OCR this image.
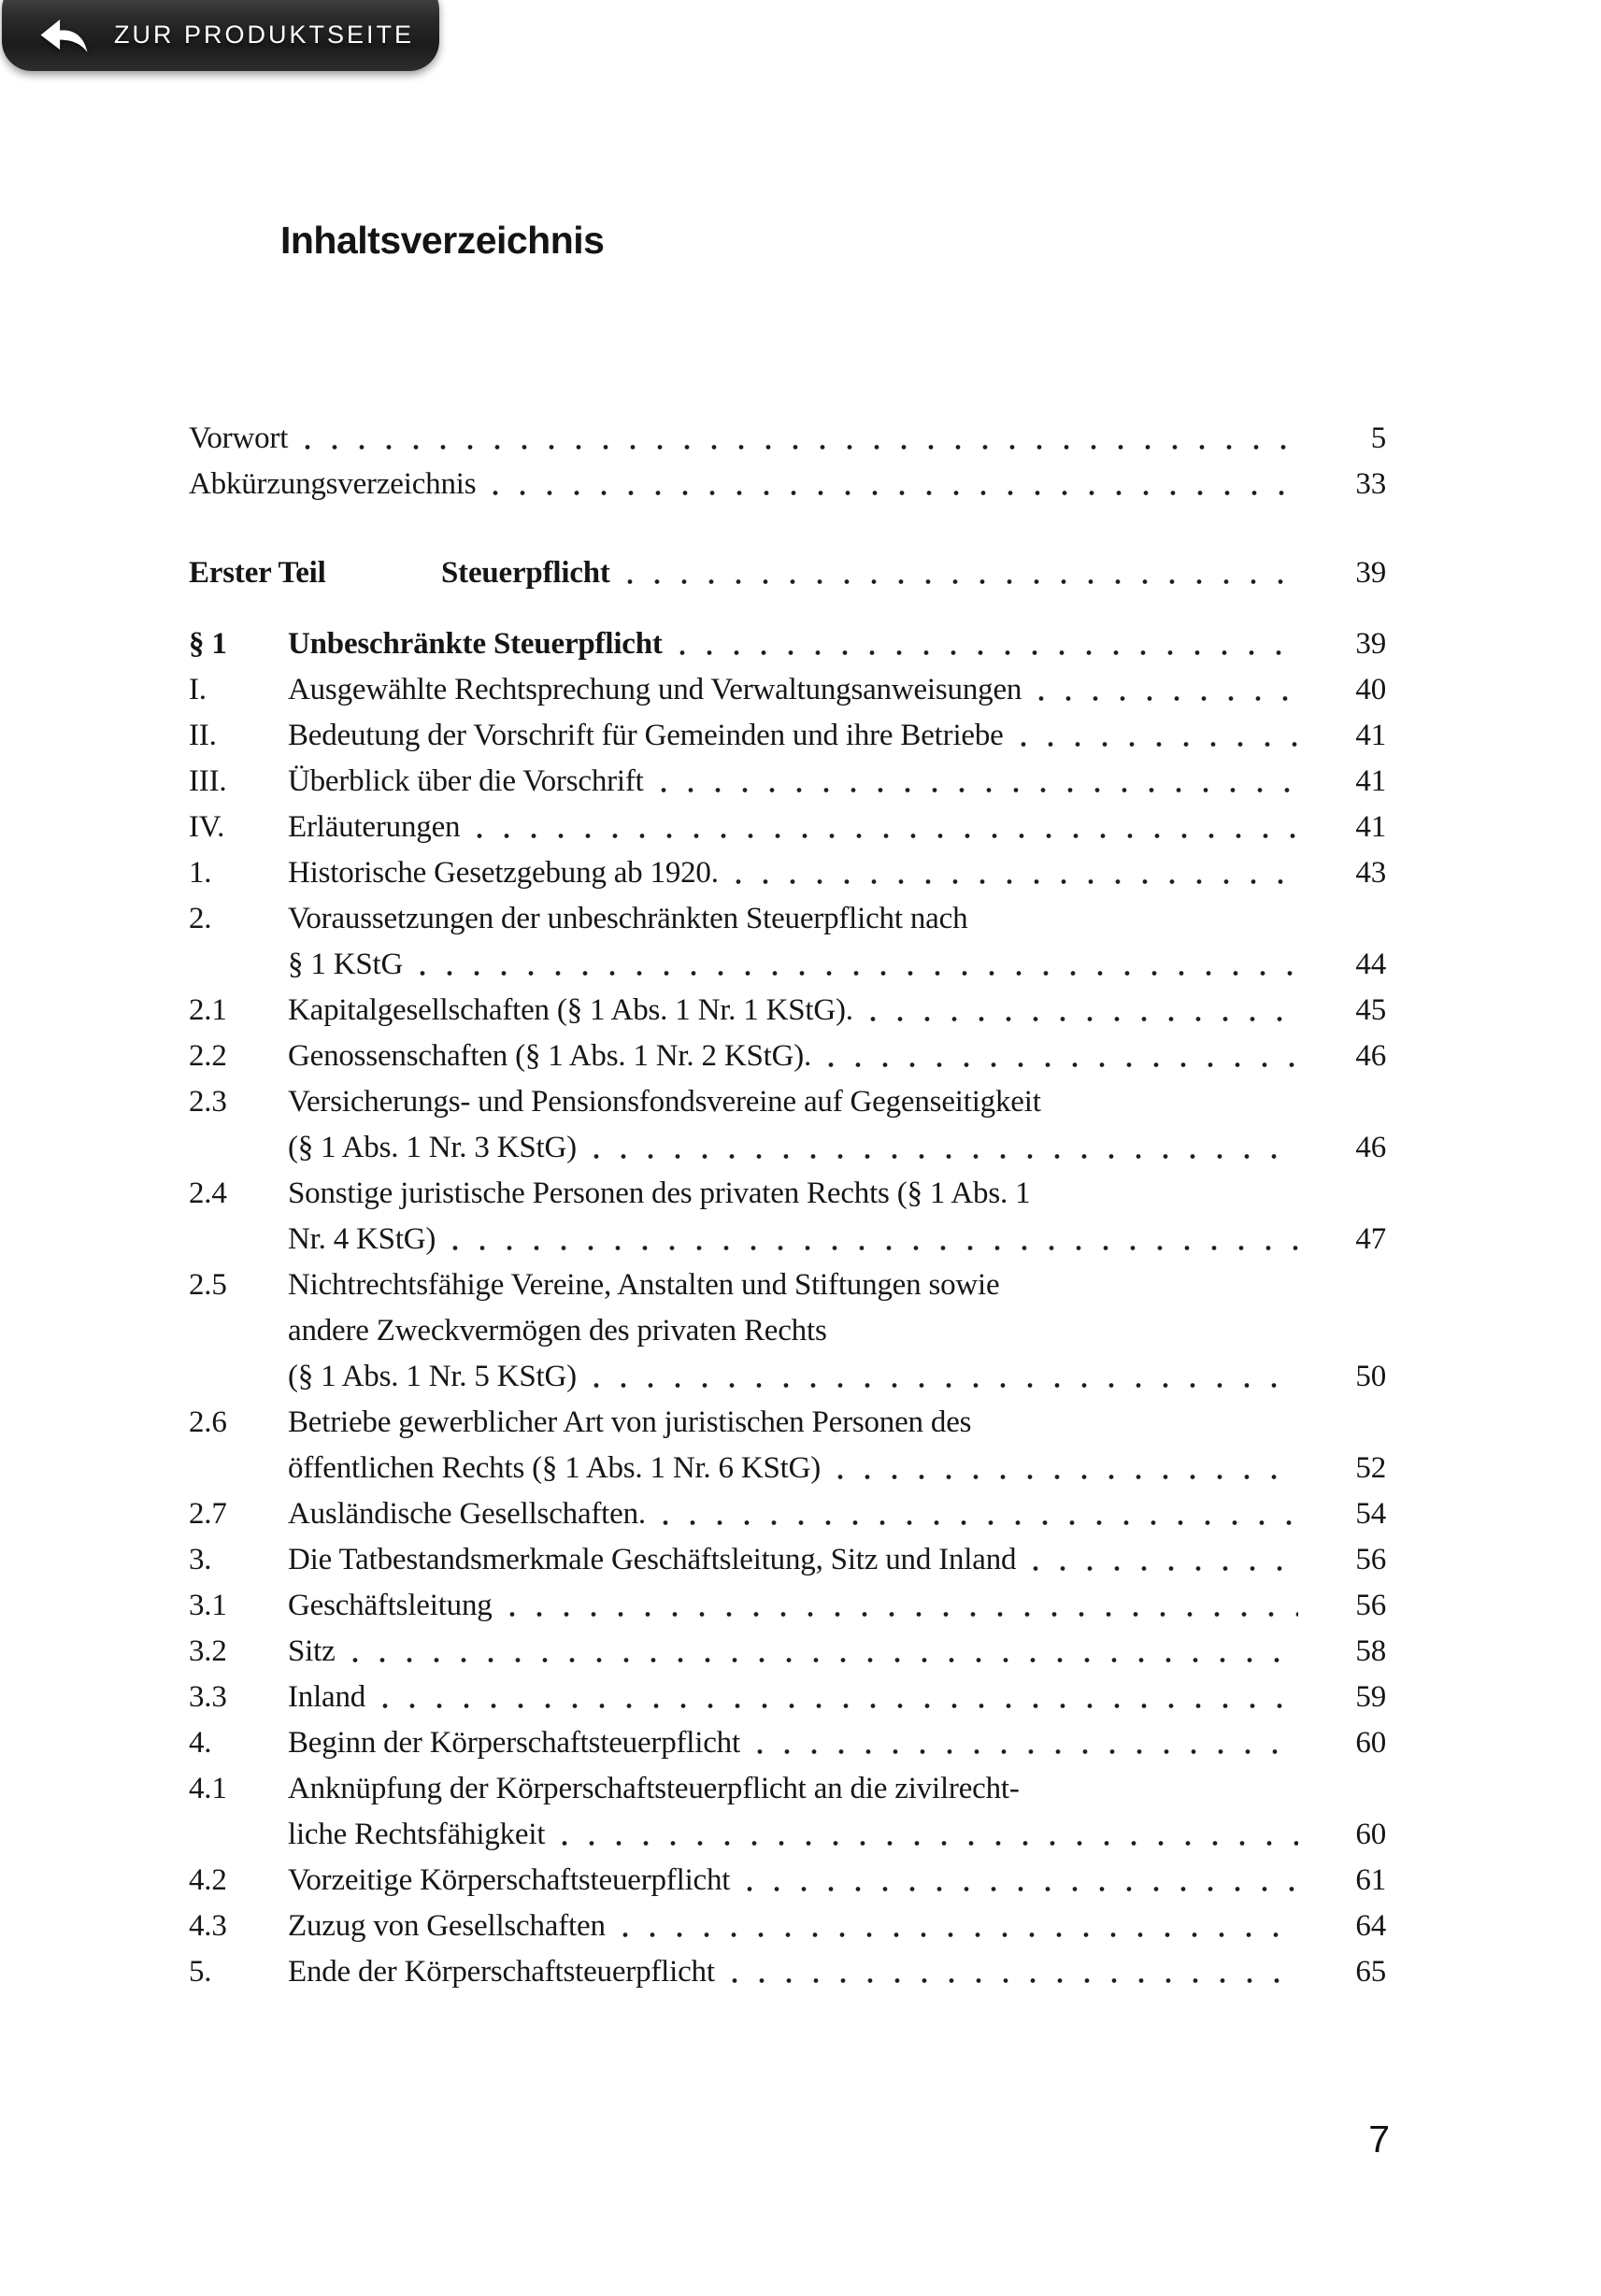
ZUR PRODUKTSEITE
Inhaltsverzeichnis
Vorwort	5
Abkürzungsverzeichnis	33
Erster Teil	Steuerpflicht	39
§ 1	Unbeschränkte Steuerpflicht	39
I.	Ausgewählte Rechtsprechung und Verwaltungsanweisungen	40
II.	Bedeutung der Vorschrift für Gemeinden und ihre Betriebe	41
III.	Überblick über die Vorschrift	41
IV.	Erläuterungen	41
1.	Historische Gesetzgebung ab 1920.	43
2.	Voraussetzungen der unbeschränkten Steuerpflicht nach
§ 1 KStG	44
2.1	Kapitalgesellschaften (§ 1 Abs. 1 Nr. 1 KStG).	45
2.2	Genossenschaften (§ 1 Abs. 1 Nr. 2 KStG).	46
2.3	Versicherungs- und Pensionsfondsvereine auf Gegenseitigkeit
(§ 1 Abs. 1 Nr. 3 KStG)	46
2.4	Sonstige juristische Personen des privaten Rechts (§ 1 Abs. 1
Nr. 4 KStG)	47
2.5	Nichtrechtsfähige Vereine, Anstalten und Stiftungen sowie
andere Zweckvermögen des privaten Rechts
(§ 1 Abs. 1 Nr. 5 KStG)	50
2.6	Betriebe gewerblicher Art von juristischen Personen des
öffentlichen Rechts (§ 1 Abs. 1 Nr. 6 KStG)	52
2.7	Ausländische Gesellschaften.	54
3.	Die Tatbestandsmerkmale Geschäftsleitung, Sitz und Inland	56
3.1	Geschäftsleitung	56
3.2	Sitz	58
3.3	Inland	59
4.	Beginn der Körperschaftsteuerpflicht	60
4.1	Anknüpfung der Körperschaftsteuerpflicht an die zivilrecht-
liche Rechtsfähigkeit	60
4.2	Vorzeitige Körperschaftsteuerpflicht	61
4.3	Zuzug von Gesellschaften	64
5.	Ende der Körperschaftsteuerpflicht	65
7
